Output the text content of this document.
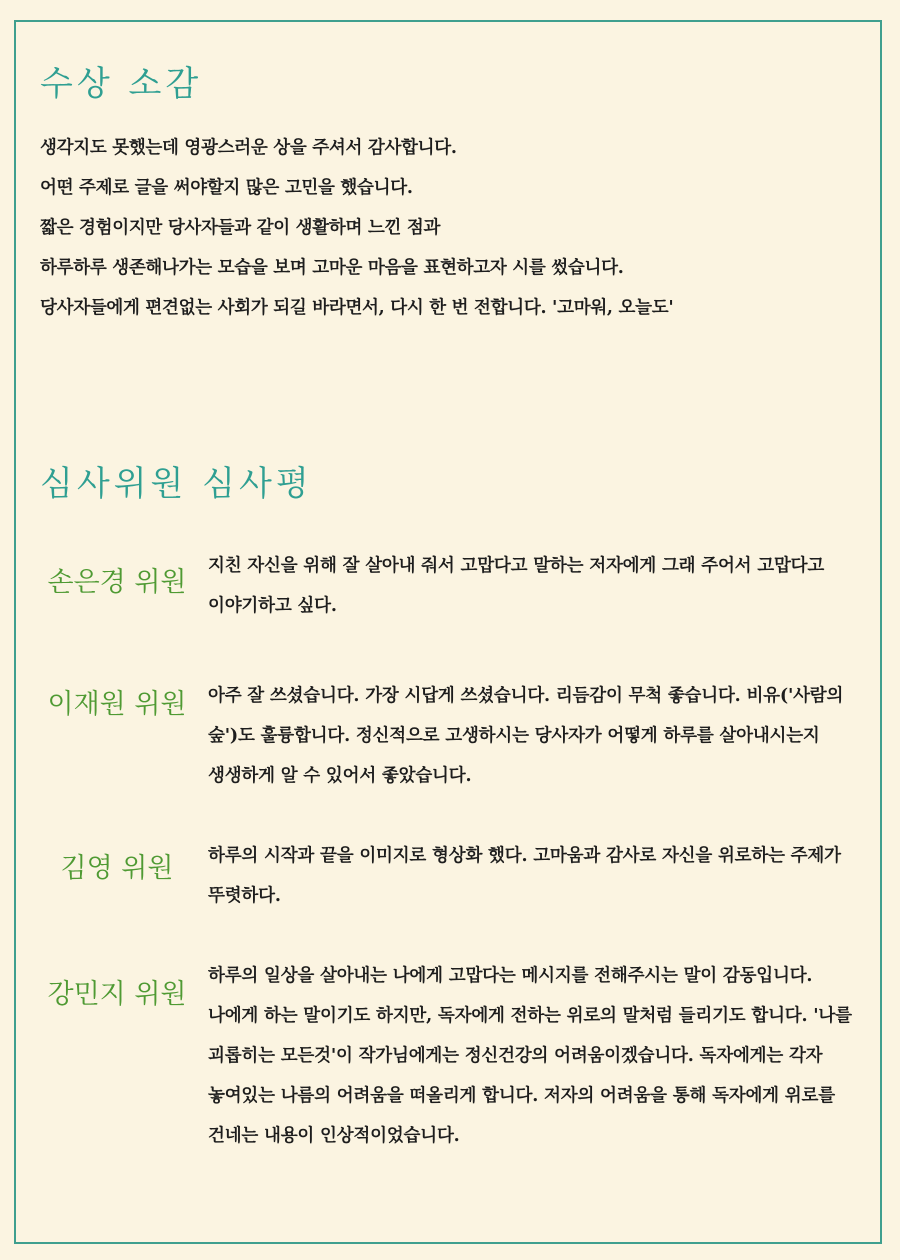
수상 소감
생각지도 못했는데 영광스러운 상을 주셔서 감사합니다.
어떤 주제로 글을 써야할지 많은 고민을 했습니다.
짧은 경험이지만 당사자들과 같이 생활하며 느낀 점과
하루하루 생존해나가는 모습을 보며 고마운 마음을 표현하고자 시를 썼습니다.
당사자들에게 편견없는 사회가 되길 바라면서, 다시 한 번 전합니다. '고마워, 오늘도'
심사위원 심사평
손은경 위원

지친 자신을 위해 잘 살아내 줘서 고맙다고 말하는 저자에게 그래 주어서 고맙다고 이야기하고 싶다.

이재원 위원	아주 잘 쓰셨습니다. 가장 시답게 쓰셨습니다. 리듬감이 무척 좋습니다. 비유('사람의 숲')도 훌륭합니다. 정신적으로 고생하시는 당사자가 어떻게 하루를 살아내시는지 생생하게 알 수 있어서 좋았습니다.

김영 위원	하루의 시작과 끝을 이미지로 형상화 했다. 고마움과 감사로 자신을 위로하는 주제가 뚜렷하다.

강민지 위원

하루의 일상을 살아내는 나에게 고맙다는 메시지를 전해주시는 말이 감동입니다. 나에게 하는 말이기도 하지만, 독자에게 전하는 위로의 말처럼 들리기도 합니다. '나를 괴롭히는 모든것'이 작가님에게는 정신건강의 어려움이겠습니다. 독자에게는 각자 놓여있는 나름의 어려움을 떠올리게 합니다. 저자의 어려움을 통해 독자에게 위로를 건네는 내용이 인상적이었습니다.
